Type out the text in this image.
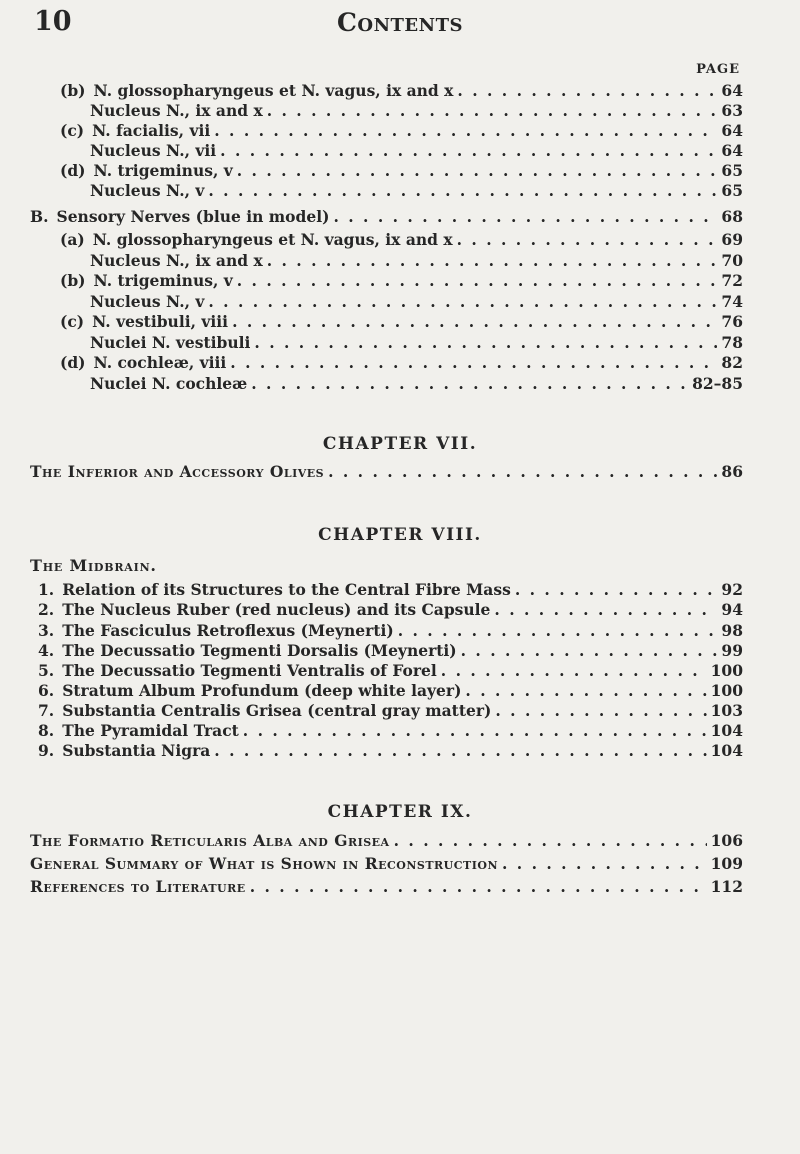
10	Contents
PAGE
(b) N. glossopharyngeus et N. vagus, ix and x . . .	64
Nucleus N., ix and x . . .	63
(c) N. facialis, vii . . .	64
Nucleus N., vii . . .	64
(d) N. trigeminus, v . . .	65
Nucleus N., v . . .	65
B. Sensory Nerves (blue in model) . . .	68
(a) N. glossopharyngeus et N. vagus, ix and x . . .	69
Nucleus N., ix and x . . .	70
(b) N. trigeminus, v . . .	72
Nucleus N., v . . .	74
(c) N. vestibuli, viii . . .	76
Nuclei N. vestibuli . . .	78
(d) N. cochleæ, viii . . .	82
Nuclei N. cochleæ . . .	82–85
CHAPTER VII.
The Inferior and Accessory Olives . . .	86
CHAPTER VIII.
The Midbrain.
1. Relation of its Structures to the Central Fibre Mass . . .	92
2. The Nucleus Ruber (red nucleus) and its Capsule . . .	94
3. The Fasciculus Retroflexus (Meynerti) . . .	98
4. The Decussatio Tegmenti Dorsalis (Meynerti) . . .	99
5. The Decussatio Tegmenti Ventralis of Forel . . .	100
6. Stratum Album Profundum (deep white layer) . . .	100
7. Substantia Centralis Grisea (central gray matter) . . .	103
8. The Pyramidal Tract . . .	104
9. Substantia Nigra . . .	104
CHAPTER IX.
The Formatio Reticularis Alba and Grisea . . .	106
General Summary of What is Shown in Reconstruction . . .	109
References to Literature . . .	112
